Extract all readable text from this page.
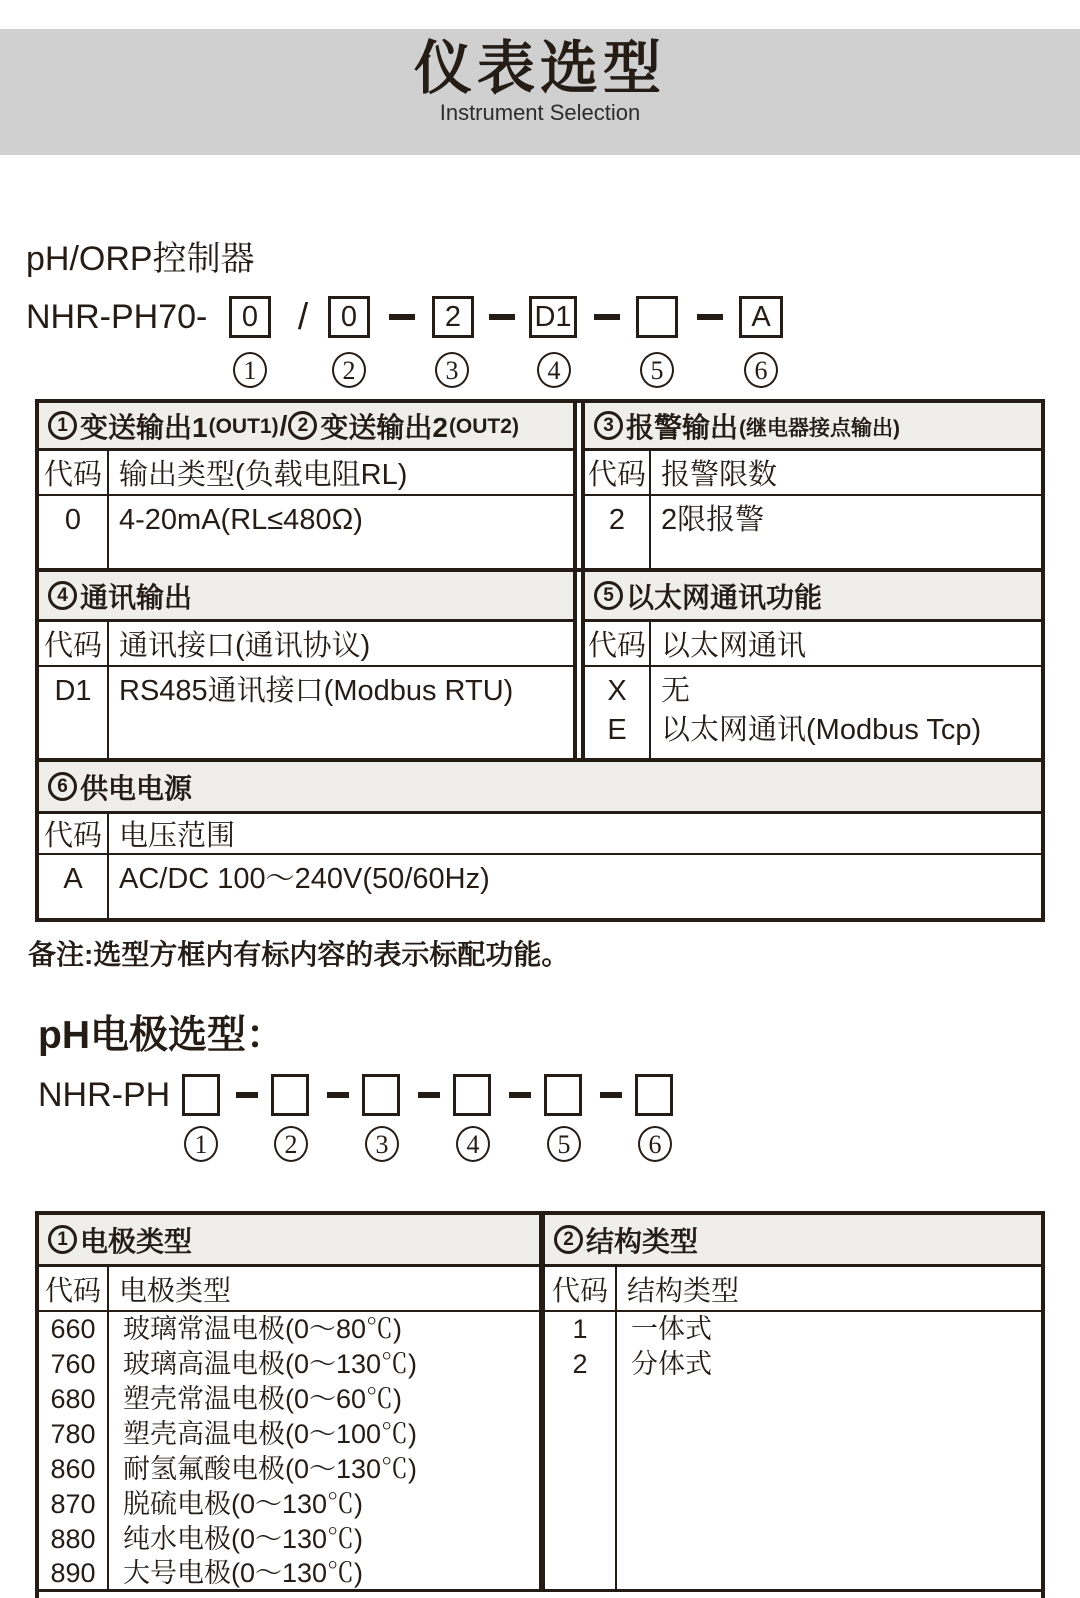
仪表选型
Instrument Selection
pH/ORP控制器
NHR-PH70-	0	/	0	2	D1	A
1	2	3	4	5	6
1 变送输出1 (OUT1) / 2 变送输出2 (OUT2)	3 报警输出 (继电器接点输出)
代码 输出类型(负载电阻RL)	代码 报警限数
0	4-20mA(RL≤480Ω)	2	2限报警
4 通讯输出	5 以太网通讯功能
代码 通讯接口(通讯协议)	代码 以太网通讯
D1 RS485通讯接口(Modbus RTU)	X	无
E	以太网通讯(Modbus Tcp)
6 供电电源
代码 电压范围
A	AC/DC 100～240V(50/60Hz)
备注:选型方框内有标内容的表示标配功能。
pH电极选型：
NHR-PH
1	2	3	4	5	6
1 电极类型	2 结构类型
代码 电极类型	代码 结构类型
660	玻璃常温电极(0～80℃)
760	玻璃高温电极(0～130℃)
680	塑壳常温电极(0～60℃)
780	塑壳高温电极(0～100℃)
860	耐氢氟酸电极(0～130℃)
870	脱硫电极(0～130℃)
880	纯水电极(0～130℃)
890	大号电极(0～130℃)
1	一体式
2	分体式
